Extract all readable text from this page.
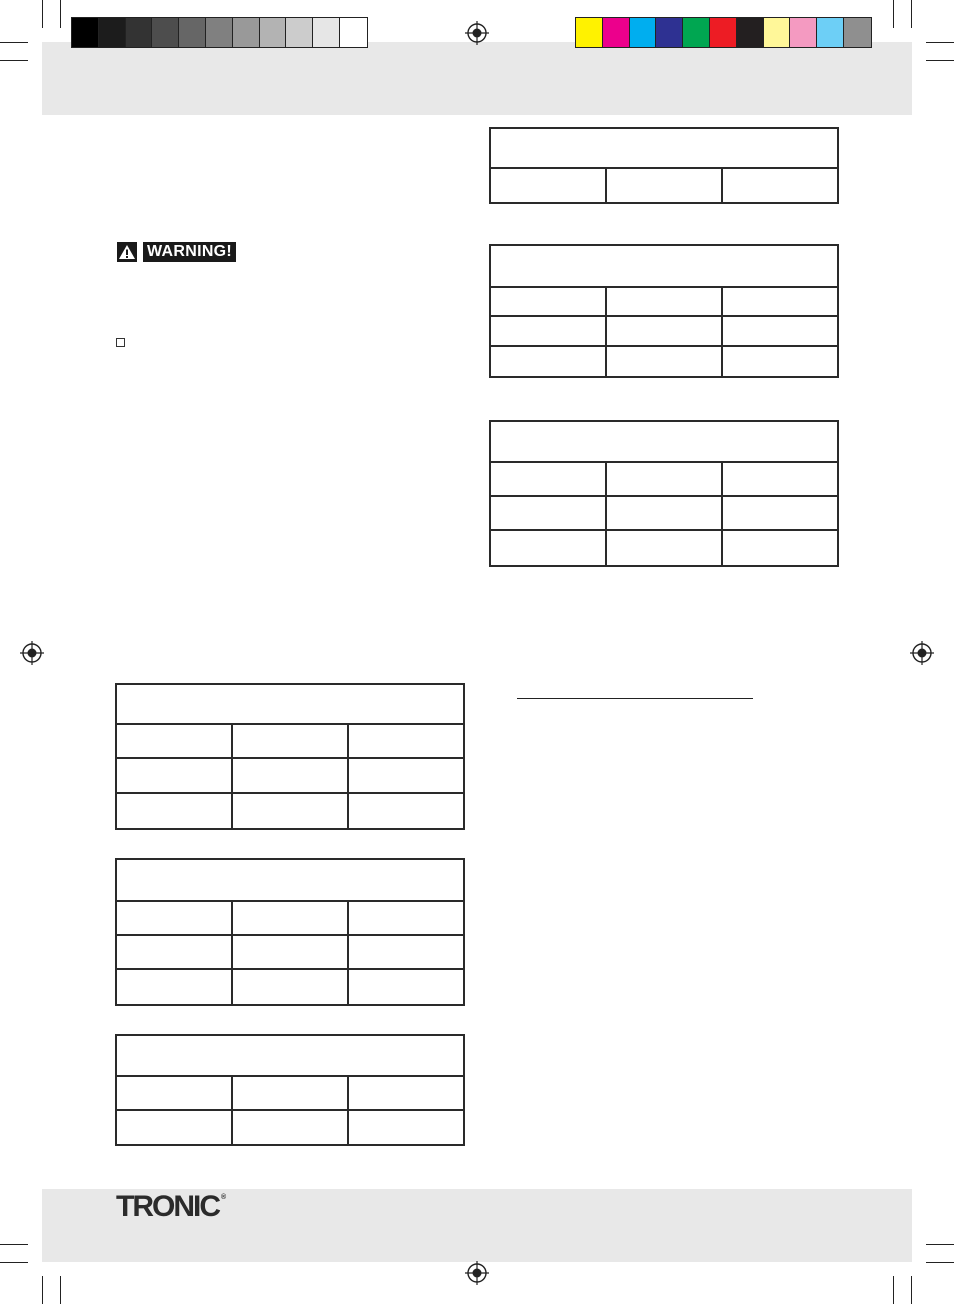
WARNING!
TRONIC ®
